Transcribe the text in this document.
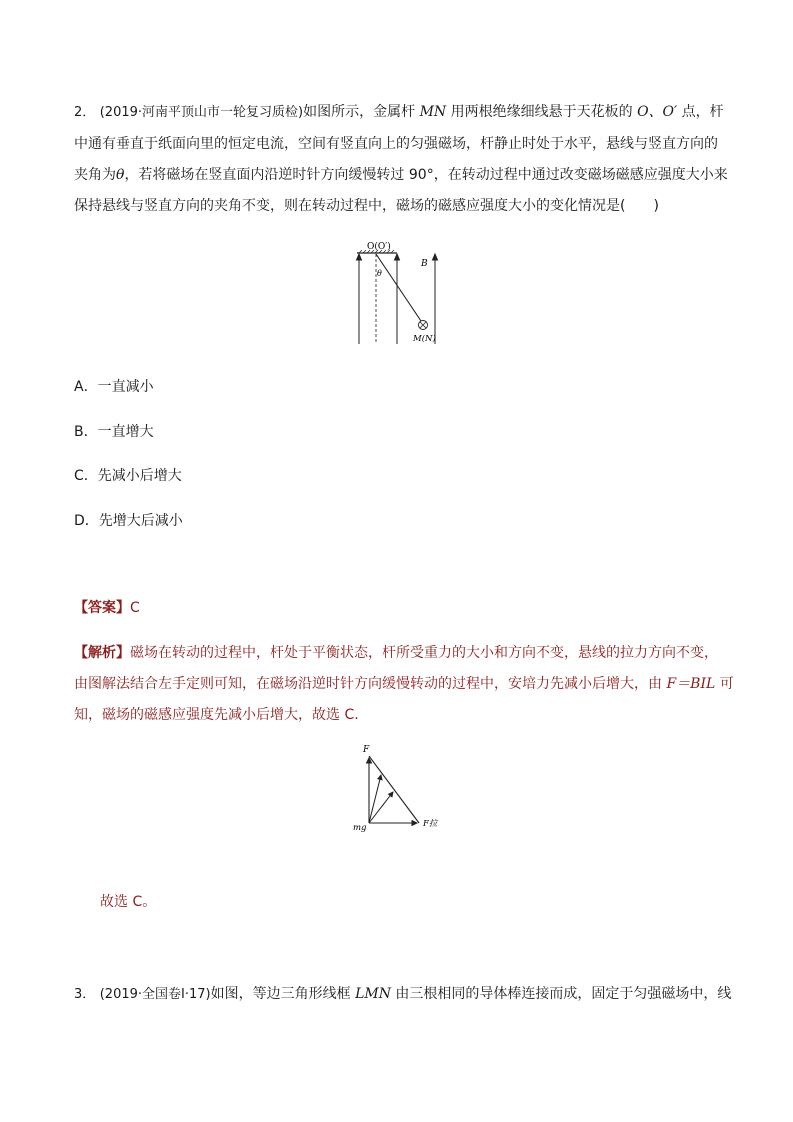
2． (2019·河南平顶山市一轮复习质检)如图所示，金属杆 MN 用两根绝缘细线悬于天花板的 O、O′ 点，杆
中通有垂直于纸面向里的恒定电流，空间有竖直向上的匀强磁场，杆静止时处于水平，悬线与竖直方向的
夹角为θ，若将磁场在竖直面内沿逆时针方向缓慢转过 90°，在转动过程中通过改变磁场磁感应强度大小来
保持悬线与竖直方向的夹角不变，则在转动过程中，磁场的磁感应强度大小的变化情况是(　　)
O(O′)
θ
B
M(N)
A．一直减小
B．一直增大
C．先减小后增大
D．先增大后减小
【答案】C
【解析】磁场在转动的过程中，杆处于平衡状态，杆所受重力的大小和方向不变，悬线的拉力方向不变，
由图解法结合左手定则可知，在磁场沿逆时针方向缓慢转动的过程中，安培力先减小后增大，由 F＝BIL 可
知，磁场的磁感应强度先减小后增大，故选 C.
F
mg	F拉
故选 C。
3． (2019·全国卷Ⅰ·17)如图，等边三角形线框 LMN 由三根相同的导体棒连接而成，固定于匀强磁场中，线
